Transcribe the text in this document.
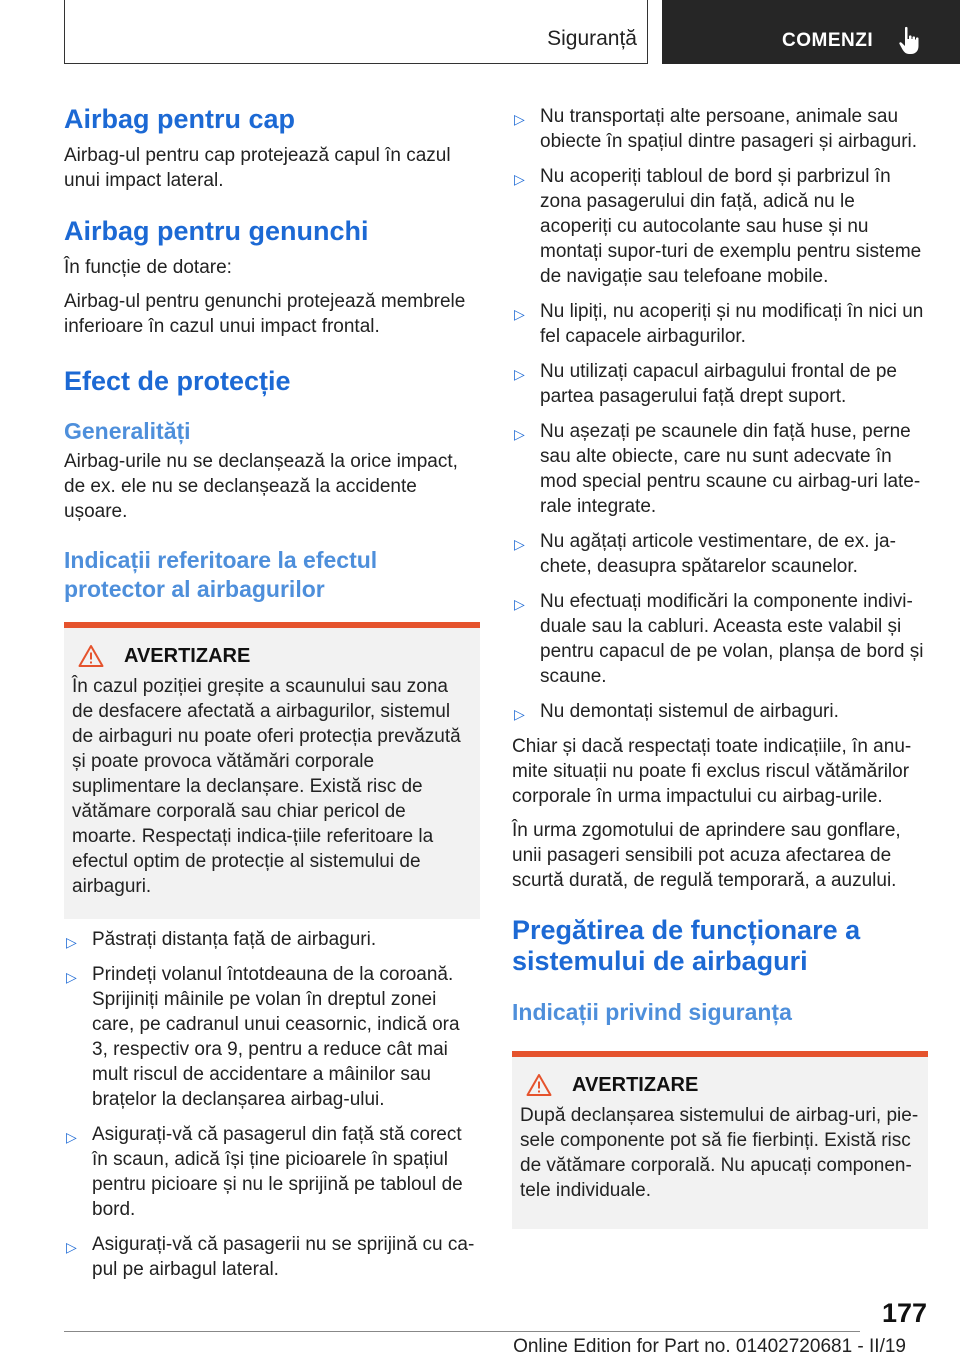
Siguranță	COMENZI
Airbag pentru cap

Airbag-ul pentru cap protejează capul în cazul unui impact lateral.

Airbag pentru genunchi

În funcție de dotare:

Airbag-ul pentru genunchi protejează membrele inferioare în cazul unui impact frontal.

Efect de protecție
Generalități

Airbag-urile nu se declanșează la orice impact, de ex. ele nu se declanșează la accidente ușoare.

Indicații referitoare la efectul protector al airbagurilor
AVERTIZARE
În cazul poziției greșite a scaunului sau zona de desfacere afectată a airbagurilor, sistemul de airbaguri nu poate oferi protecția prevăzută și poate provoca vătămări corporale suplimentare la declanșare. Există risc de vătămare corporală sau chiar pericol de moarte. Respectați indica-țiile referitoare la efectul optim de protecție al sistemului de airbaguri.
▷ Păstrați distanța față de airbaguri.
▷ Prindeți volanul întotdeauna de la coroană. Sprijiniți mâinile pe volan în dreptul zonei care, pe cadranul unui ceasornic, indică ora 3, respectiv ora 9, pentru a reduce cât mai mult riscul de accidentare a mâinilor sau brațelor la declanșarea airbag-ului.
▷ Asigurați-vă că pasagerul din față stă corect în scaun, adică își ține picioarele în spațiul pentru picioare și nu le sprijină pe tabloul de bord.
▷ Asigurați-vă că pasagerii nu se sprijină cu ca-pul pe airbagul lateral.
▷ Nu transportați alte persoane, animale sau obiecte în spațiul dintre pasageri și airbaguri.
▷ Nu acoperiți tabloul de bord și parbrizul în zona pasagerului din față, adică nu le acoperiți cu autocolante sau huse și nu montați supor-turi de exemplu pentru sisteme de navigație sau telefoane mobile.
▷ Nu lipiți, nu acoperiți și nu modificați în nici un fel capacele airbagurilor.
▷ Nu utilizați capacul airbagului frontal de pe partea pasagerului față drept suport.
▷ Nu așezați pe scaunele din față huse, perne sau alte obiecte, care nu sunt adecvate în mod special pentru scaune cu airbag-uri late-rale integrate.
▷ Nu agățați articole vestimentare, de ex. ja-chete, deasupra spătarelor scaunelor.
▷ Nu efectuați modificări la componente indivi-duale sau la cabluri. Aceasta este valabil și pentru capacul de pe volan, planșa de bord și scaune.
▷ Nu demontați sistemul de airbaguri.

Chiar și dacă respectați toate indicațiile, în anu-mite situații nu poate fi exclus riscul vătămărilor corporale în urma impactului cu airbag-urile.

În urma zgomotului de aprindere sau gonflare, unii pasageri sensibili pot acuza afectarea de scurtă durată, de regulă temporară, a auzului.

Pregătirea de funcționare a sistemului de airbaguri
Indicații privind siguranța
AVERTIZARE
După declanșarea sistemului de airbag-uri, pie-sele componente pot să fie fierbinți. Există risc de vătămare corporală. Nu apucați componen-tele individuale.
177
Online Edition for Part no. 01402720681 - II/19
